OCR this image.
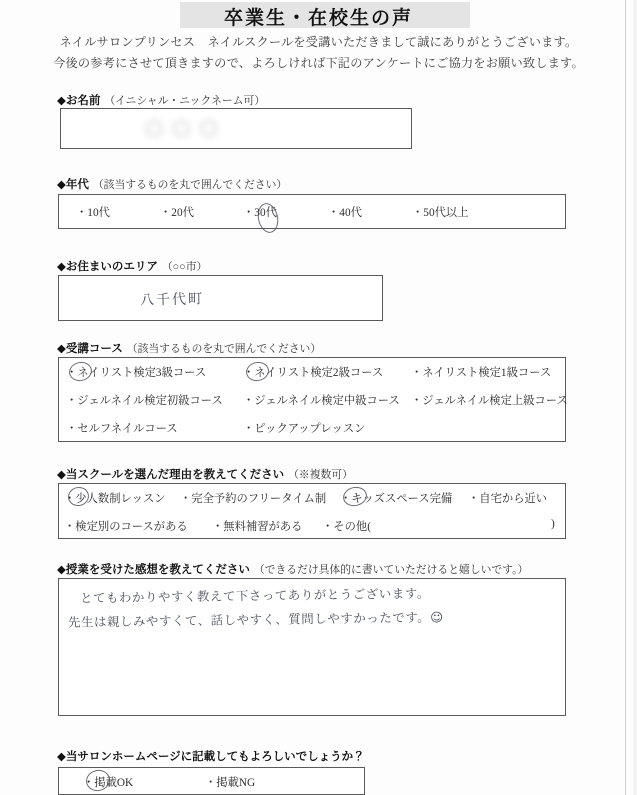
卒業生・在校生の声
ネイルサロンプリンセス　ネイルスクールを受講いただきまして誠にありがとうございます。
今後の参考にさせて頂きますので、よろしければ下記のアンケートにご協力をお願い致します。
◆お名前 （イニシャル・ニックネーム可）
○○○
◆年代 （該当するものを丸で囲んでください）
・10代	・20代	・30代	・40代	・50代以上
◆お住まいのエリア （○○市）
八千代町
◆受講コース （該当するものを丸で囲んでください）
・ネイリスト検定3級コース	・ネイリスト検定2級コース ・ネイリスト検定1級コース
・ジェルネイル検定初級コース ・ジェルネイル検定中級コース ・ジェルネイル検定上級コース
・セルフネイルコース	・ピックアップレッスン
◆当スクールを選んだ理由を教えてください （※複数可）
・少人数制レッスン ・完全予約のフリータイム制 ・キッズスペース完備 ・自宅から近い
・検定別のコースがある ・無料補習がある ・その他(	)
◆授業を受けた感想を教えてください （できるだけ具体的に書いていただけると嬉しいです。）
とてもわかりやすく教えて下さってありがとうございます。
先生は親しみやすくて、話しやすく、質問しやすかったです。☺
◆当サロンホームページに記載してもよろしいでしょうか？
・掲載OK	・掲載NG
